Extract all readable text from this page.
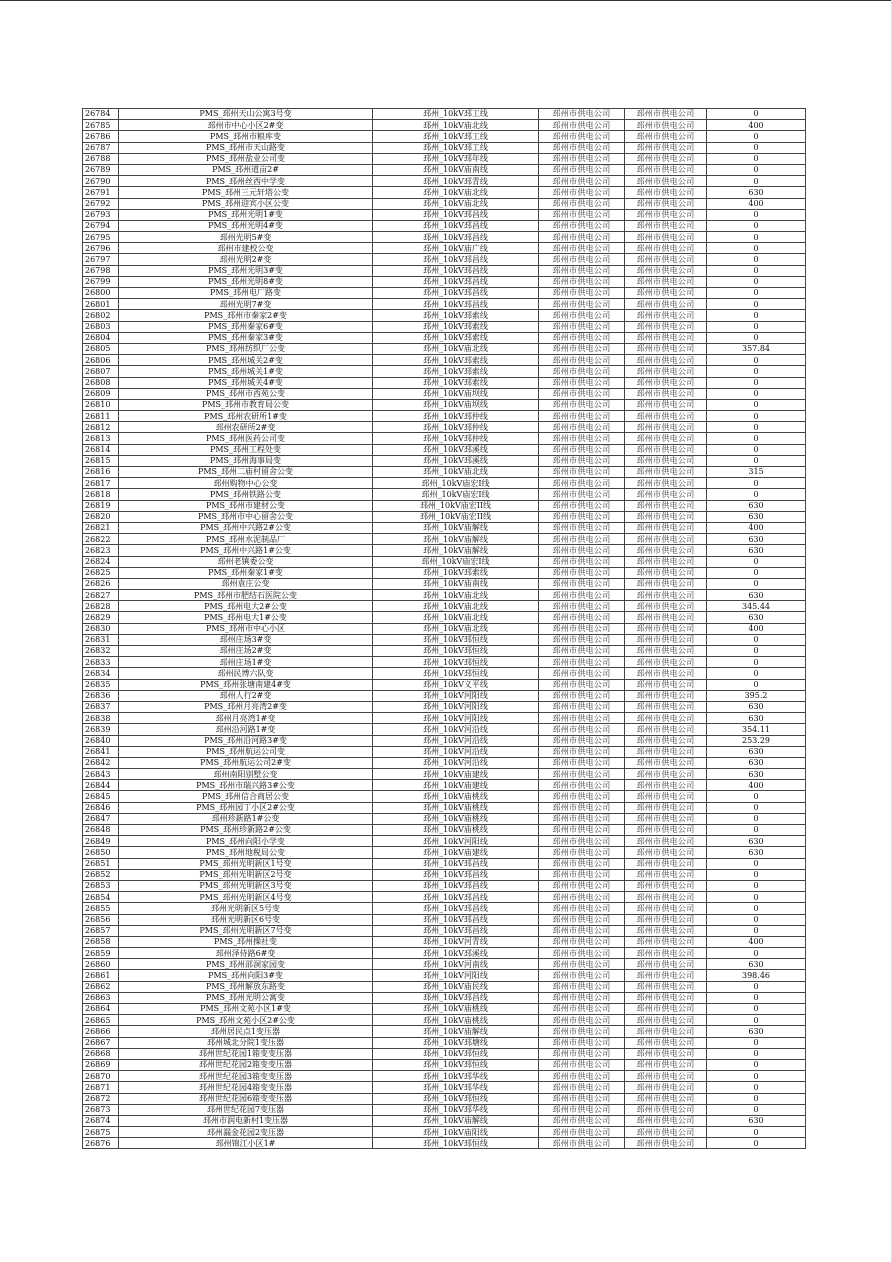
26784	PMS_邳州天山公寓3号变	邳州_10kV邳工线	邳州市供电公司	邳州市供电公司	0
26785	邳州市中心小区2#变	邳州_10kV庙北线	邳州市供电公司	邳州市供电公司	400
26786	PMS_邳州市粮库变	邳州_10kV邳工线	邳州市供电公司	邳州市供电公司	0
26787	PMS_邳州市天山路变	邳州_10kV邳工线	邳州市供电公司	邳州市供电公司	0
26788	PMS_邳州盐业公司变	邳州_10kV邳年线	邳州市供电公司	邳州市供电公司	0
26789	PMS_邳州道亩2#	邳州_10kV庙南线	邳州市供电公司	邳州市供电公司	0
26790	PMS_邳州丝西中学变	邳州_10kV邳青线	邳州市供电公司	邳州市供电公司	0
26791	PMS_邳州三元轩塔公变	邳州_10kV庙北线	邳州市供电公司	邳州市供电公司	630
26792	PMS_邳州迎宾小区公变	邳州_10kV庙北线	邳州市供电公司	邳州市供电公司	400
26793	PMS_邳州光明1#变	邳州_10kV邳昌线	邳州市供电公司	邳州市供电公司	0
26794	PMS_邳州光明4#变	邳州_10kV邳昌线	邳州市供电公司	邳州市供电公司	0
26795	邳州光明5#变	邳州_10kV邳昌线	邳州市供电公司	邳州市供电公司	0
26796	邳州市建校公变	邳州_10kV庙广线	邳州市供电公司	邳州市供电公司	0
26797	邳州光明2#变	邳州_10kV邳昌线	邳州市供电公司	邳州市供电公司	0
26798	PMS_邳州光明3#变	邳州_10kV邳昌线	邳州市供电公司	邳州市供电公司	0
26799	PMS_邳州光明8#变	邳州_10kV邳昌线	邳州市供电公司	邳州市供电公司	0
26800	PMS_邳州电厂路变	邳州_10kV邳昌线	邳州市供电公司	邳州市供电公司	0
26801	邳州光明7#变	邳州_10kV邳昌线	邳州市供电公司	邳州市供电公司	0
26802	PMS_邳州市秦家2#变	邳州_10kV邳索线	邳州市供电公司	邳州市供电公司	0
26803	PMS_邳州秦家6#变	邳州_10kV邳索线	邳州市供电公司	邳州市供电公司	0
26804	PMS_邳州秦家3#变	邳州_10kV邳索线	邳州市供电公司	邳州市供电公司	0
26805	PMS_邳州纺织厂公变	邳州_10kV庙北线	邳州市供电公司	邳州市供电公司	357.84
26806	PMS_邳州城关2#变	邳州_10kV邳索线	邳州市供电公司	邳州市供电公司	0
26807	PMS_邳州城关1#变	邳州_10kV邳索线	邳州市供电公司	邳州市供电公司	0
26808	PMS_邳州城关4#变	邳州_10kV邳索线	邳州市供电公司	邳州市供电公司	0
26809	PMS_邳州市西苑公变	邳州_10kV庙坝线	邳州市供电公司	邳州市供电公司	0
26810	PMS_邳州市教育局公变	邳州_10kV庙坝线	邳州市供电公司	邳州市供电公司	0
26811	PMS_邳州农研所1#变	邳州_10kV邳仲线	邳州市供电公司	邳州市供电公司	0
26812	邳州农研所2#变	邳州_10kV邳仲线	邳州市供电公司	邳州市供电公司	0
26813	PMS_邳州医药公司变	邳州_10kV邳仲线	邳州市供电公司	邳州市供电公司	0
26814	PMS_邳州工程处变	邳州_10kV邳溪线	邳州市供电公司	邳州市供电公司	0
26815	PMS_邳州海事局变	邳州_10kV邳溪线	邳州市供电公司	邳州市供电公司	0
26816	PMS_邳州二庙村留舍公变	邳州_10kV庙北线	邳州市供电公司	邳州市供电公司	315
26817	邳州购物中心公变	邳州_10kV庙宏I线	邳州市供电公司	邳州市供电公司	0
26818	PMS_邳州铁路公变	邳州_10kV庙宏I线	邳州市供电公司	邳州市供电公司	0
26819	PMS_邳州市建材公变	邳州_10kV庙宏II线	邳州市供电公司	邳州市供电公司	630
26820	PMS_邳州市中心留舍公变	邳州_10kV庙宏II线	邳州市供电公司	邳州市供电公司	630
26821	PMS_邳州中兴路2#公变	邳州_10kV庙解线	邳州市供电公司	邳州市供电公司	400
26822	PMS_邳州水泥制品厂	邳州_10kV庙解线	邳州市供电公司	邳州市供电公司	630
26823	PMS_邳州中兴路1#公变	邳州_10kV庙解线	邳州市供电公司	邳州市供电公司	630
26824	邳州老镇委公变	邳州_10kV庙宏I线	邳州市供电公司	邳州市供电公司	0
26825	PMS_邳州秦家1#变	邳州_10kV邳索线	邳州市供电公司	邳州市供电公司	0
26826	邳州袁庄公变	邳州_10kV庙南线	邳州市供电公司	邳州市供电公司	0
26827	PMS_邳州市肥结石医院公变	邳州_10kV庙北线	邳州市供电公司	邳州市供电公司	630
26828	PMS_邳州电大2#公变	邳州_10kV庙北线	邳州市供电公司	邳州市供电公司	345.44
26829	PMS_邳州电大1#公变	邳州_10kV庙北线	邳州市供电公司	邳州市供电公司	630
26830	PMS_邳州市中心小区	邳州_10kV庙北线	邳州市供电公司	邳州市供电公司	400
26831	邳州庄场3#变	邳州_10kV邳恒线	邳州市供电公司	邳州市供电公司	0
26832	邳州庄场2#变	邳州_10kV邳恒线	邳州市供电公司	邳州市供电公司	0
26833	邳州庄场1#变	邳州_10kV邳恒线	邳州市供电公司	邳州市供电公司	0
26834	邳州民博六队变	邳州_10kV邳恒线	邳州市供电公司	邳州市供电公司	0
26835	PMS_邳州张塘南建4#变	邳州_10kV义平线	邳州市供电公司	邳州市供电公司	0
26836	邳州人行2#变	邳州_10kV河阳线	邳州市供电公司	邳州市供电公司	395.2
26837	PMS_邳州月亮湾2#变	邳州_10kV河阳线	邳州市供电公司	邳州市供电公司	630
26838	邳州月亮湾1#变	邳州_10kV河阳线	邳州市供电公司	邳州市供电公司	630
26839	邳州沿河路1#变	邳州_10kV河沿线	邳州市供电公司	邳州市供电公司	354.11
26840	PMS_邳州沿河路3#变	邳州_10kV河沿线	邳州市供电公司	邳州市供电公司	253.29
26841	PMS_邳州航运公司变	邳州_10kV河沿线	邳州市供电公司	邳州市供电公司	630
26842	PMS_邳州航运公司2#变	邳州_10kV河沿线	邳州市供电公司	邳州市供电公司	630
26843	邳州南阳别墅公变	邳州_10kV庙建线	邳州市供电公司	邳州市供电公司	630
26844	PMS_邳州市瑞兴路3#公变	邳州_10kV庙建线	邳州市供电公司	邳州市供电公司	400
26845	PMS_邳州信合商居公变	邳州_10kV庙桃线	邳州市供电公司	邳州市供电公司	0
26846	PMS_邳州园丁小区2#公变	邳州_10kV庙桃线	邳州市供电公司	邳州市供电公司	0
26847	邳州珍新路1#公变	邳州_10kV庙桃线	邳州市供电公司	邳州市供电公司	0
26848	PMS_邳州珍新路2#公变	邳州_10kV庙桃线	邳州市供电公司	邳州市供电公司	0
26849	PMS_邳州向阳小学变	邳州_10kV河阳线	邳州市供电公司	邳州市供电公司	630
26850	PMS_邳州地税局公变	邳州_10kV庙建线	邳州市供电公司	邳州市供电公司	630
26851	PMS_邳州光明新区1号变	邳州_10kV邳昌线	邳州市供电公司	邳州市供电公司	0
26852	PMS_邳州光明新区2号变	邳州_10kV邳昌线	邳州市供电公司	邳州市供电公司	0
26853	PMS_邳州光明新区3号变	邳州_10kV邳昌线	邳州市供电公司	邳州市供电公司	0
26854	PMS_邳州光明新区4号变	邳州_10kV邳昌线	邳州市供电公司	邳州市供电公司	0
26855	邳州光明新区5号变	邳州_10kV邳昌线	邳州市供电公司	邳州市供电公司	0
26856	邳州光明新区6号变	邳州_10kV邳昌线	邳州市供电公司	邳州市供电公司	0
26857	PMS_邳州光明新区7号变	邳州_10kV邳昌线	邳州市供电公司	邳州市供电公司	0
26858	PMS_邳州操社变	邳州_10kV河青线	邳州市供电公司	邳州市供电公司	400
26859	邳州泽侍路6#变	邳州_10kV邳溪线	邳州市供电公司	邳州市供电公司	0
26860	PMS_邳州邵洞家园变	邳州_10kV河南线	邳州市供电公司	邳州市供电公司	630
26861	PMS_邳州向阳3#变	邳州_10kV河阳线	邳州市供电公司	邳州市供电公司	398.46
26862	PMS_邳州解放东路变	邳州_10kV庙民线	邳州市供电公司	邳州市供电公司	0
26863	PMS_邳州光明公寓变	邳州_10kV邳昌线	邳州市供电公司	邳州市供电公司	0
26864	PMS_邳州文苑小区1#变	邳州_10kV庙桃线	邳州市供电公司	邳州市供电公司	0
26865	PMS_邳州文苑小区2#公变	邳州_10kV庙桃线	邳州市供电公司	邳州市供电公司	0
26866	邳州居民点1变压器	邳州_10kV庙解线	邳州市供电公司	邳州市供电公司	630
26867	邳州城北分院1变压器	邳州_10kV邳塘线	邳州市供电公司	邳州市供电公司	0
26868	邳州世纪花园1箱变变压器	邳州_10kV邳恒线	邳州市供电公司	邳州市供电公司	0
26869	邳州世纪花园2箱变变压器	邳州_10kV邳恒线	邳州市供电公司	邳州市供电公司	0
26870	邳州世纪花园3箱变变压器	邳州_10kV邳华线	邳州市供电公司	邳州市供电公司	0
26871	邳州世纪花园4箱变变压器	邳州_10kV邳华线	邳州市供电公司	邳州市供电公司	0
26872	邳州世纪花园6箱变变压器	邳州_10kV邳恒线	邳州市供电公司	邳州市供电公司	0
26873	邳州世纪花园7变压器	邳州_10kV邳华线	邳州市供电公司	邳州市供电公司	0
26874	邳州市润电新村1变压器	邳州_10kV庙解线	邳州市供电公司	邳州市供电公司	630
26875	邳州漏金花园2变压器	邳州_10kV庙阳线	邳州市供电公司	邳州市供电公司	0
26876	邳州锦江小区1#	邳州_10kV邳恒线	邳州市供电公司	邳州市供电公司	0
